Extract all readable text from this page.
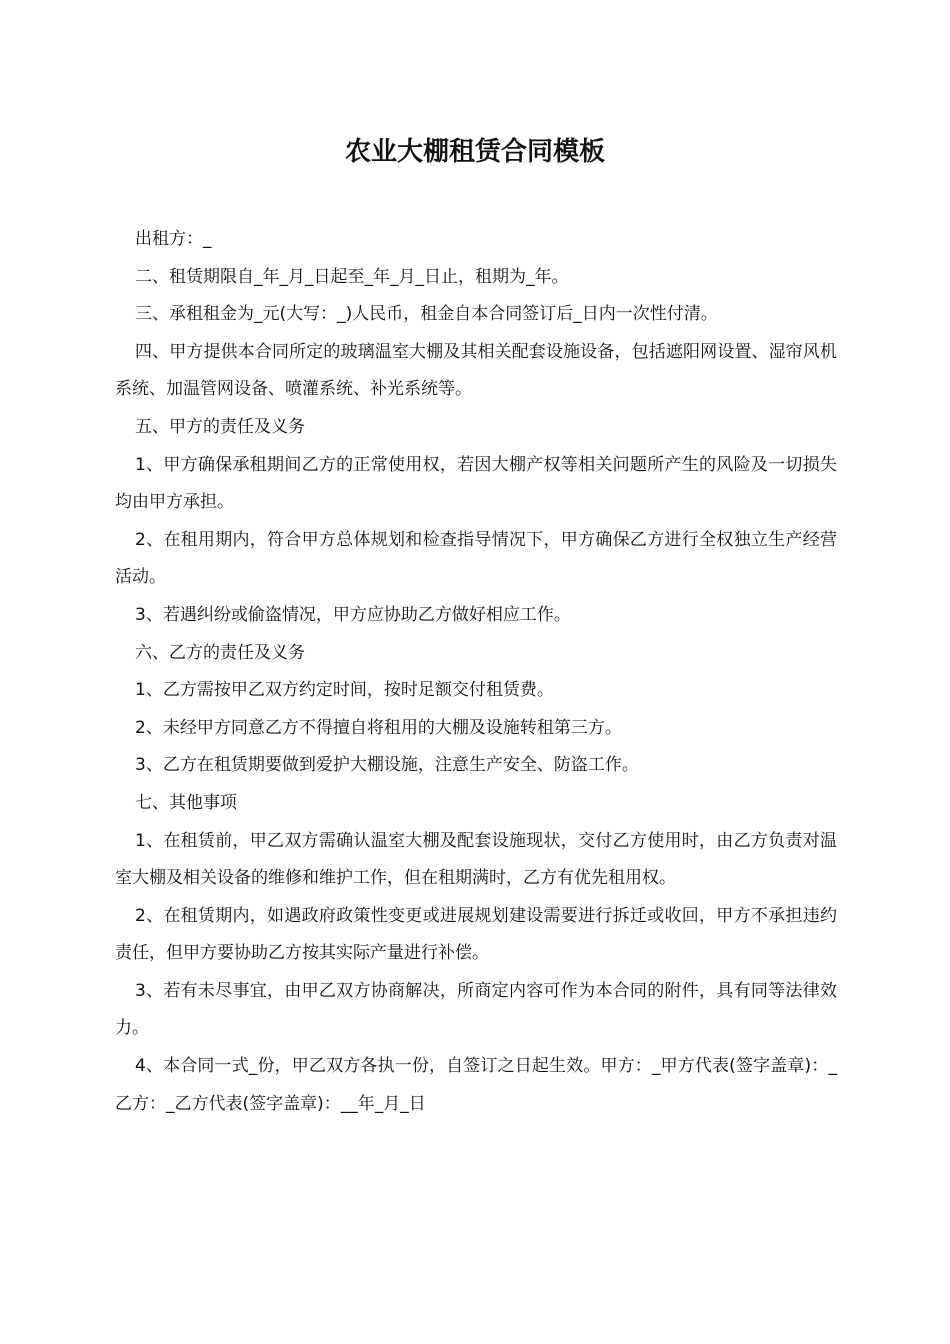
农业大棚租赁合同模板

出租方：_

二、租赁期限自_年_月_日起至_年_月_日止，租期为_年。

三、承租租金为_元(大写：_)人民币，租金自本合同签订后_日内一次性付清。

四、甲方提供本合同所定的玻璃温室大棚及其相关配套设施设备，包括遮阳网设置、湿帘风机系统、加温管网设备、喷灌系统、补光系统等。

五、甲方的责任及义务

1、甲方确保承租期间乙方的正常使用权，若因大棚产权等相关问题所产生的风险及一切损失均由甲方承担。

2、在租用期内，符合甲方总体规划和检查指导情况下，甲方确保乙方进行全权独立生产经营活动。

3、若遇纠纷或偷盗情况，甲方应协助乙方做好相应工作。

六、乙方的责任及义务

1、乙方需按甲乙双方约定时间，按时足额交付租赁费。

2、未经甲方同意乙方不得擅自将租用的大棚及设施转租第三方。

3、乙方在租赁期要做到爱护大棚设施，注意生产安全、防盗工作。

七、其他事项

1、在租赁前，甲乙双方需确认温室大棚及配套设施现状，交付乙方使用时，由乙方负责对温室大棚及相关设备的维修和维护工作，但在租期满时，乙方有优先租用权。

2、在租赁期内，如遇政府政策性变更或进展规划建设需要进行拆迁或收回，甲方不承担违约责任，但甲方要协助乙方按其实际产量进行补偿。

3、若有未尽事宜，由甲乙双方协商解决，所商定内容可作为本合同的附件，具有同等法律效力。

4、本合同一式_份，甲乙双方各执一份，自签订之日起生效。甲方：_甲方代表(签字盖章)：_乙方：_乙方代表(签字盖章)：__年_月_日
